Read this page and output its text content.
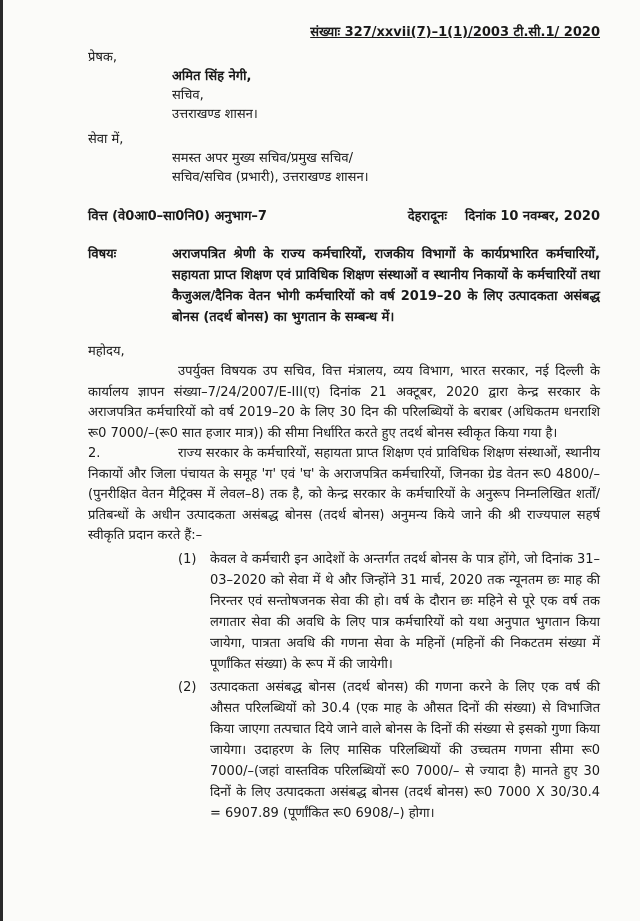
संख्याः 327/xxvii(7)–1(1)/2003 टी.सी.1/ 2020
प्रेषक,
अमित सिंह नेगी,
सचिव,
उत्तराखण्ड शासन।
सेवा में,
समस्त अपर मुख्य सचिव/प्रमुख सचिव/
सचिव/सचिव (प्रभारी), उत्तराखण्ड शासन।
वित्त (वे0आ0–सा0नि0) अनुभाग–7	देहरादूनः दिनांक 10 नवम्बर, 2020
विषयः	अराजपत्रित श्रेणी के राज्य कर्मचारियों, राजकीय विभागों के कार्यप्रभारित कर्मचारियों, सहायता प्राप्त शिक्षण एवं प्राविधिक शिक्षण संस्थाओं व स्थानीय निकायों के कर्मचारियों तथा कैजुअल/दैनिक वेतन भोगी कर्मचारियों को वर्ष 2019–20 के लिए उत्पादकता असंबद्ध बोनस (तदर्थ बोनस) का भुगतान के सम्बन्ध में।
महोदय,
उपर्युक्त विषयक उप सचिव, वित्त मंत्रालय, व्यय विभाग, भारत सरकार, नई दिल्ली के कार्यालय ज्ञापन संख्या–7/24/2007/E-III(ए) दिनांक 21 अक्टूबर, 2020 द्वारा केन्द्र सरकार के अराजपत्रित कर्मचारियों को वर्ष 2019–20 के लिए 30 दिन की परिलब्धियों के बराबर (अधिकतम धनराशि रू0 7000/–(रू0 सात हजार मात्र)) की सीमा निर्धारित करते हुए तदर्थ बोनस स्वीकृत किया गया है।
2.	राज्य सरकार के कर्मचारियों, सहायता प्राप्त शिक्षण एवं प्राविधिक शिक्षण संस्थाओं, स्थानीय निकायों और जिला पंचायत के समूह 'ग' एवं 'घ' के अराजपत्रित कर्मचारियों, जिनका ग्रेड वेतन रू0 4800/– (पुनरीक्षित वेतन मैट्रिक्स में लेवल–8) तक है, को केन्द्र सरकार के कर्मचारियों के अनुरूप निम्नलिखित शर्तों/प्रतिबन्धों के अधीन उत्पादकता असंबद्ध बोनस (तदर्थ बोनस) अनुमन्य किये जाने की श्री राज्यपाल सहर्ष स्वीकृति प्रदान करते हैं:–
(1)	केवल वे कर्मचारी इन आदेशों के अन्तर्गत तदर्थ बोनस के पात्र होंगे, जो दिनांक 31–03–2020 को सेवा में थे और जिन्होंने 31 मार्च, 2020 तक न्यूनतम छः माह की निरन्तर एवं सन्तोषजनक सेवा की हो। वर्ष के दौरान छः महिने से पूरे एक वर्ष तक लगातार सेवा की अवधि के लिए पात्र कर्मचारियों को यथा अनुपात भुगतान किया जायेगा, पात्रता अवधि की गणना सेवा के महिनों (महिनों की निकटतम संख्या में पूर्णांकित संख्या) के रूप में की जायेगी।
(2)	उत्पादकता असंबद्ध बोनस (तदर्थ बोनस) की गणना करने के लिए एक वर्ष की औसत परिलब्धियों को 30.4 (एक माह के औसत दिनों की संख्या) से विभाजित किया जाएगा तत्पचात दिये जाने वाले बोनस के दिनों की संख्या से इसको गुणा किया जायेगा। उदाहरण के लिए मासिक परिलब्धियों की उच्चतम गणना सीमा रू0 7000/–(जहां वास्तविक परिलब्धियों रू0 7000/– से ज्यादा है) मानते हुए 30 दिनों के लिए उत्पादकता असंबद्ध बोनस (तदर्थ बोनस) रू0 7000 X 30/30.4 = 6907.89 (पूर्णांकित रू0 6908/–) होगा।
